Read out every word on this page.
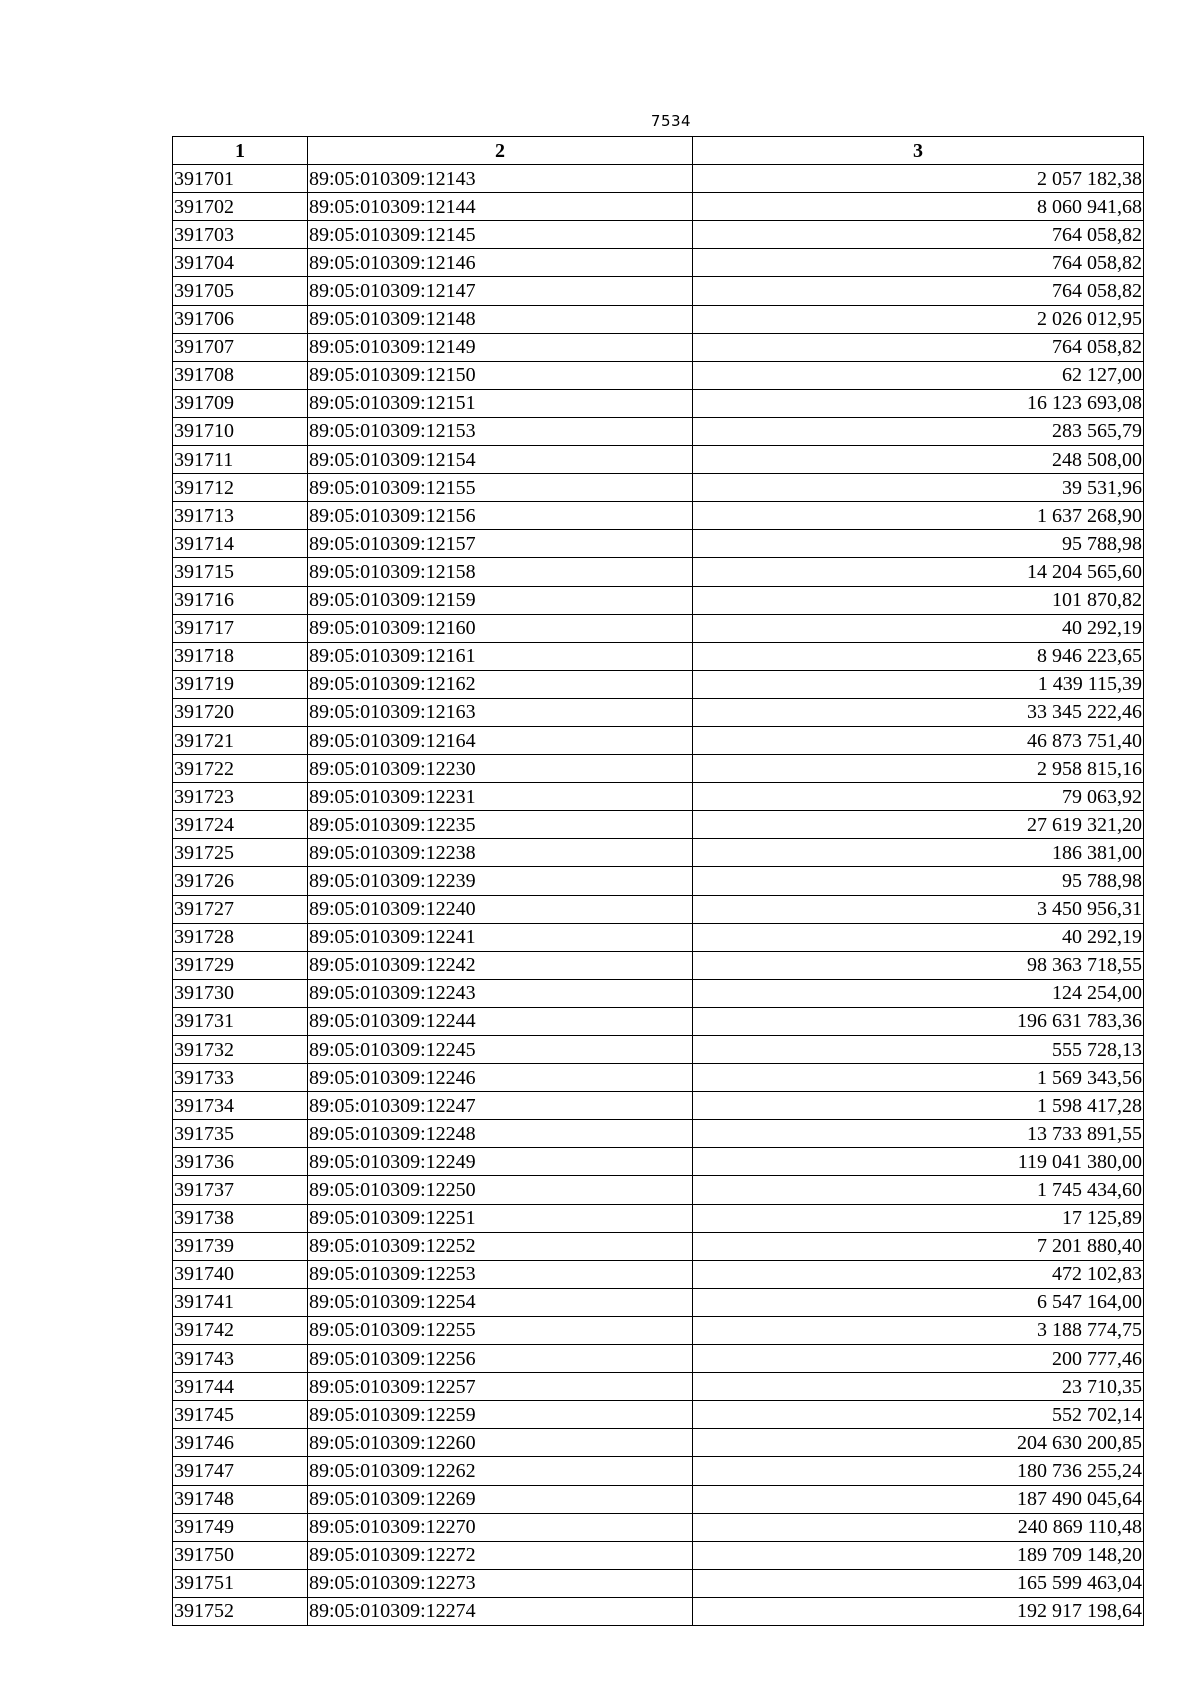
7534
1	2	3
391701	89:05:010309:12143	2 057 182,38
391702	89:05:010309:12144	8 060 941,68
391703	89:05:010309:12145	764 058,82
391704	89:05:010309:12146	764 058,82
391705	89:05:010309:12147	764 058,82
391706	89:05:010309:12148	2 026 012,95
391707	89:05:010309:12149	764 058,82
391708	89:05:010309:12150	62 127,00
391709	89:05:010309:12151	16 123 693,08
391710	89:05:010309:12153	283 565,79
391711	89:05:010309:12154	248 508,00
391712	89:05:010309:12155	39 531,96
391713	89:05:010309:12156	1 637 268,90
391714	89:05:010309:12157	95 788,98
391715	89:05:010309:12158	14 204 565,60
391716	89:05:010309:12159	101 870,82
391717	89:05:010309:12160	40 292,19
391718	89:05:010309:12161	8 946 223,65
391719	89:05:010309:12162	1 439 115,39
391720	89:05:010309:12163	33 345 222,46
391721	89:05:010309:12164	46 873 751,40
391722	89:05:010309:12230	2 958 815,16
391723	89:05:010309:12231	79 063,92
391724	89:05:010309:12235	27 619 321,20
391725	89:05:010309:12238	186 381,00
391726	89:05:010309:12239	95 788,98
391727	89:05:010309:12240	3 450 956,31
391728	89:05:010309:12241	40 292,19
391729	89:05:010309:12242	98 363 718,55
391730	89:05:010309:12243	124 254,00
391731	89:05:010309:12244	196 631 783,36
391732	89:05:010309:12245	555 728,13
391733	89:05:010309:12246	1 569 343,56
391734	89:05:010309:12247	1 598 417,28
391735	89:05:010309:12248	13 733 891,55
391736	89:05:010309:12249	119 041 380,00
391737	89:05:010309:12250	1 745 434,60
391738	89:05:010309:12251	17 125,89
391739	89:05:010309:12252	7 201 880,40
391740	89:05:010309:12253	472 102,83
391741	89:05:010309:12254	6 547 164,00
391742	89:05:010309:12255	3 188 774,75
391743	89:05:010309:12256	200 777,46
391744	89:05:010309:12257	23 710,35
391745	89:05:010309:12259	552 702,14
391746	89:05:010309:12260	204 630 200,85
391747	89:05:010309:12262	180 736 255,24
391748	89:05:010309:12269	187 490 045,64
391749	89:05:010309:12270	240 869 110,48
391750	89:05:010309:12272	189 709 148,20
391751	89:05:010309:12273	165 599 463,04
391752	89:05:010309:12274	192 917 198,64
